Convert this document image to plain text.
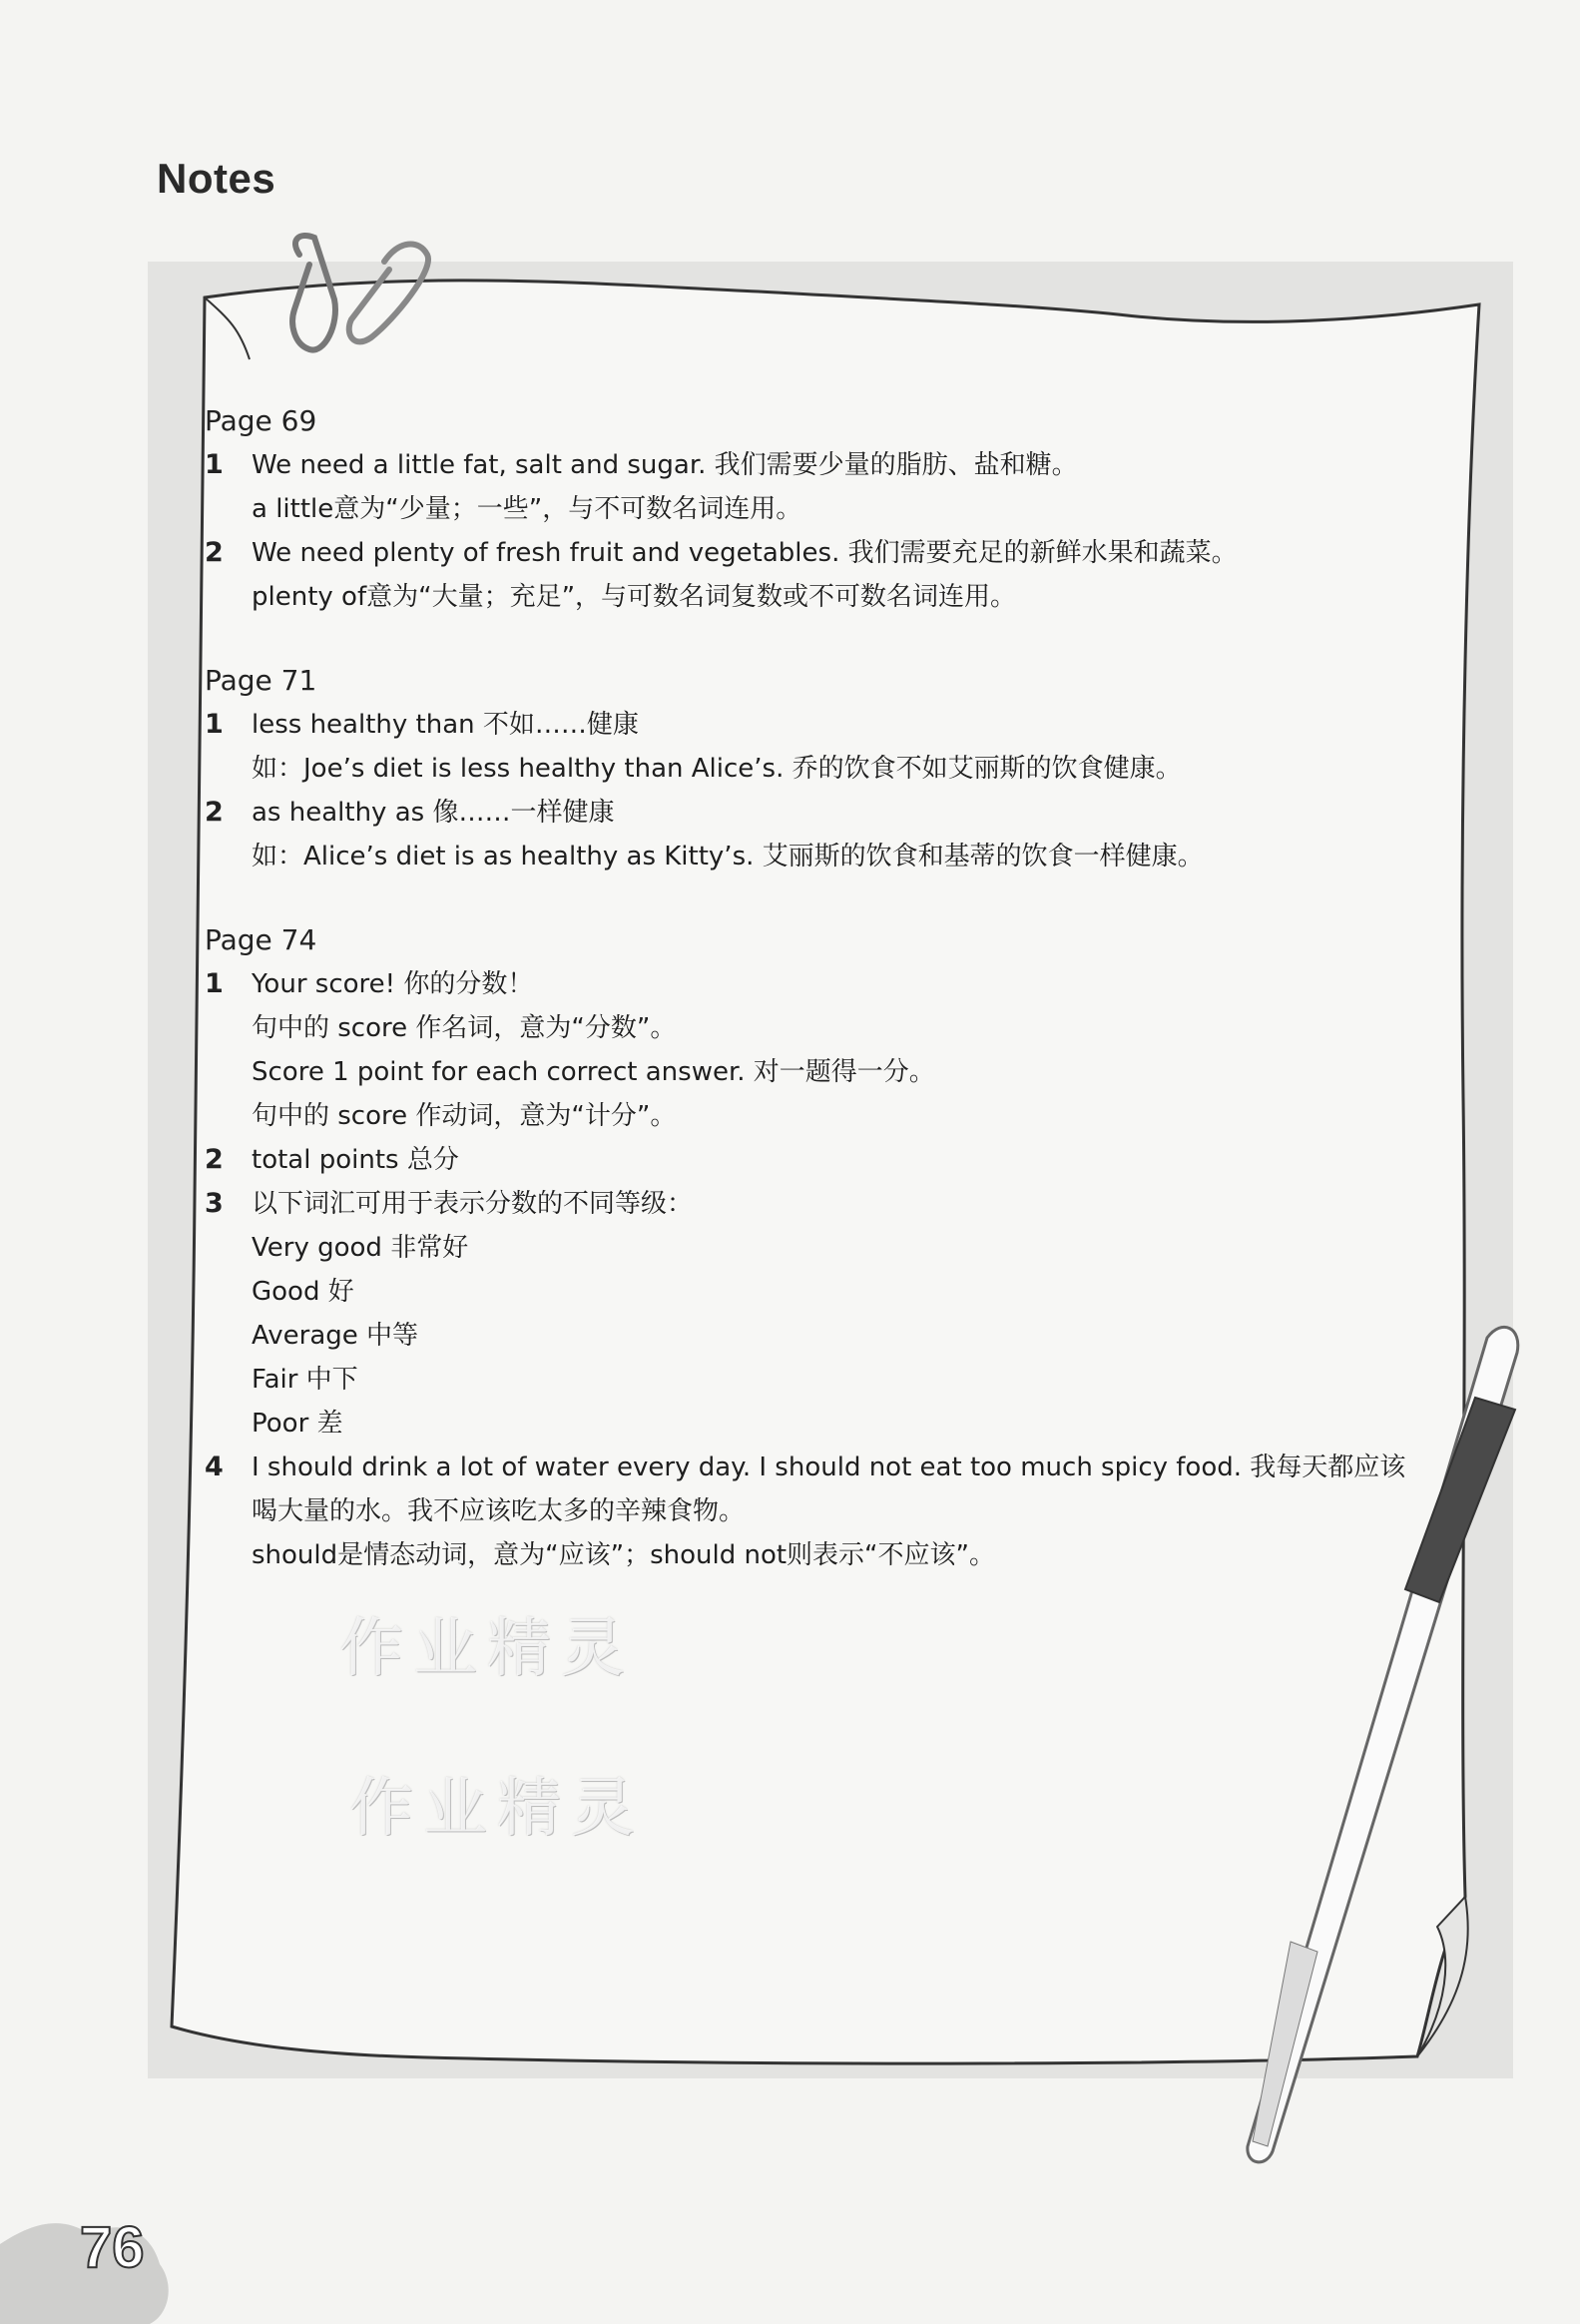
Notes
Page 69
1	We need a little fat, salt and sugar. 我们需要少量的脂肪、盐和糖。
a little意为“少量；一些”，与不可数名词连用。
2	We need plenty of fresh fruit and vegetables. 我们需要充足的新鲜水果和蔬菜。
plenty of意为“大量；充足”，与可数名词复数或不可数名词连用。
Page 71
1	less healthy than 不如……健康
如：Joe’s diet is less healthy than Alice’s. 乔的饮食不如艾丽斯的饮食健康。
2	as healthy as 像……一样健康
如：Alice’s diet is as healthy as Kitty’s. 艾丽斯的饮食和基蒂的饮食一样健康。
Page 74
1	Your score! 你的分数！
句中的 score 作名词，意为“分数”。
Score 1 point for each correct answer. 对一题得一分。
句中的 score 作动词，意为“计分”。
2	total points 总分
3	以下词汇可用于表示分数的不同等级：
Very good 非常好
Good 好
Average 中等
Fair 中下
Poor 差
4	I should drink a lot of water every day. I should not eat too much spicy food. 我每天都应该
喝大量的水。我不应该吃太多的辛辣食物。
should是情态动词，意为“应该”；should not则表示“不应该”。
作业精灵
作业精灵
76
